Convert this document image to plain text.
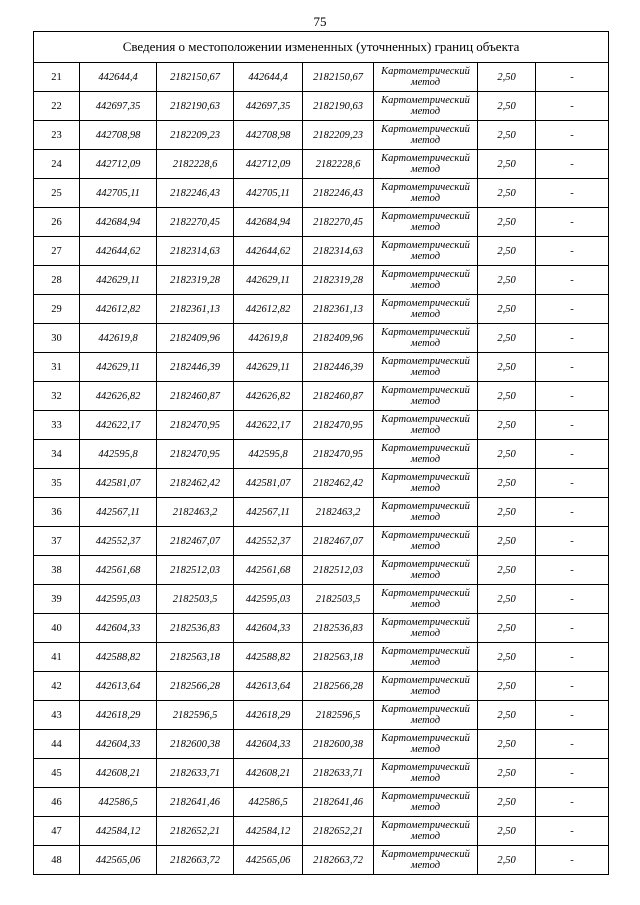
75
Сведения о местоположении измененных (уточненных) границ объекта							
21	442644,4	2182150,67	442644,4	2182150,67	Картометрический метод	2,50	-
22	442697,35	2182190,63	442697,35	2182190,63	Картометрический метод	2,50	-
23	442708,98	2182209,23	442708,98	2182209,23	Картометрический метод	2,50	-
24	442712,09	2182228,6	442712,09	2182228,6	Картометрический метод	2,50	-
25	442705,11	2182246,43	442705,11	2182246,43	Картометрический метод	2,50	-
26	442684,94	2182270,45	442684,94	2182270,45	Картометрический метод	2,50	-
27	442644,62	2182314,63	442644,62	2182314,63	Картометрический метод	2,50	-
28	442629,11	2182319,28	442629,11	2182319,28	Картометрический метод	2,50	-
29	442612,82	2182361,13	442612,82	2182361,13	Картометрический метод	2,50	-
30	442619,8	2182409,96	442619,8	2182409,96	Картометрический метод	2,50	-
31	442629,11	2182446,39	442629,11	2182446,39	Картометрический метод	2,50	-
32	442626,82	2182460,87	442626,82	2182460,87	Картометрический метод	2,50	-
33	442622,17	2182470,95	442622,17	2182470,95	Картометрический метод	2,50	-
34	442595,8	2182470,95	442595,8	2182470,95	Картометрический метод	2,50	-
35	442581,07	2182462,42	442581,07	2182462,42	Картометрический метод	2,50	-
36	442567,11	2182463,2	442567,11	2182463,2	Картометрический метод	2,50	-
37	442552,37	2182467,07	442552,37	2182467,07	Картометрический метод	2,50	-
38	442561,68	2182512,03	442561,68	2182512,03	Картометрический метод	2,50	-
39	442595,03	2182503,5	442595,03	2182503,5	Картометрический метод	2,50	-
40	442604,33	2182536,83	442604,33	2182536,83	Картометрический метод	2,50	-
41	442588,82	2182563,18	442588,82	2182563,18	Картометрический метод	2,50	-
42	442613,64	2182566,28	442613,64	2182566,28	Картометрический метод	2,50	-
43	442618,29	2182596,5	442618,29	2182596,5	Картометрический метод	2,50	-
44	442604,33	2182600,38	442604,33	2182600,38	Картометрический метод	2,50	-
45	442608,21	2182633,71	442608,21	2182633,71	Картометрический метод	2,50	-
46	442586,5	2182641,46	442586,5	2182641,46	Картометрический метод	2,50	-
47	442584,12	2182652,21	442584,12	2182652,21	Картометрический метод	2,50	-
48	442565,06	2182663,72	442565,06	2182663,72	Картометрический метод	2,50	-
